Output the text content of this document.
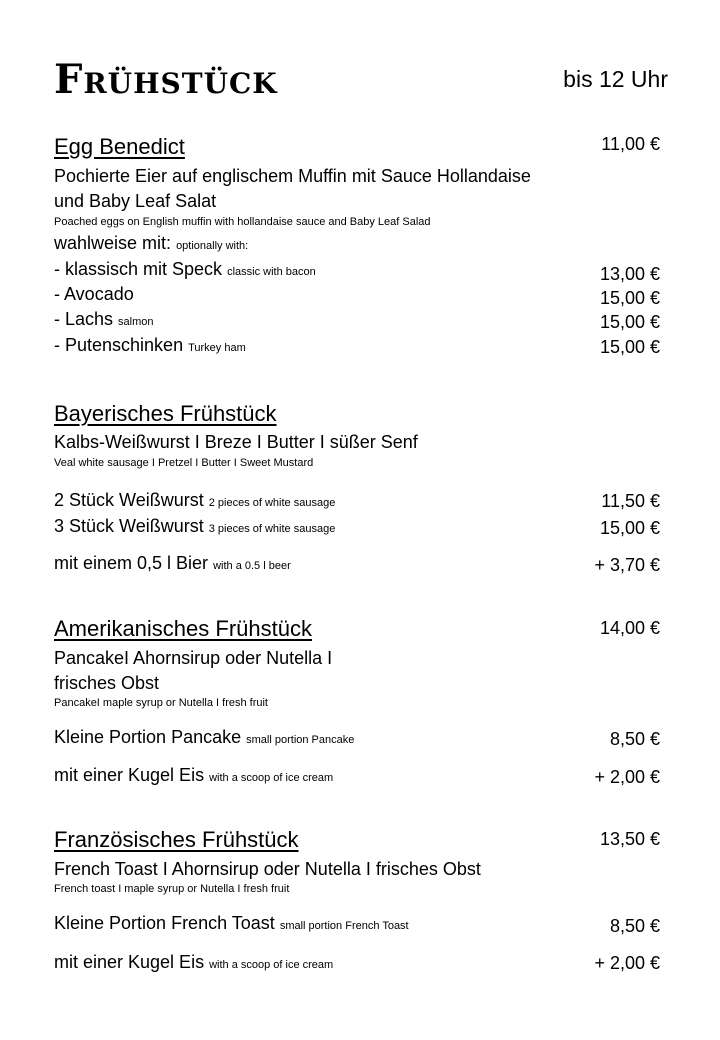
Frühstück	bis 12 Uhr
Egg Benedict	11,00 €
Pochierte Eier auf englischem Muffin mit Sauce Hollandaise
und Baby Leaf Salat
Poached eggs on English muffin with hollandaise sauce and Baby Leaf Salad
wahlweise mit: optionally with:
- klassisch mit Speck classic with bacon	13,00 €
- Avocado	15,00 €
- Lachs salmon	15,00 €
- Putenschinken Turkey ham	15,00 €
Bayerisches Frühstück
Kalbs-Weißwurst I Breze I Butter I süßer Senf
Veal white sausage I Pretzel I Butter I Sweet Mustard
2 Stück Weißwurst 2 pieces of white sausage	11,50 €
3 Stück Weißwurst 3 pieces of white sausage	15,00 €
mit einem 0,5 l Bier with a 0.5 l beer	+ 3,70 €
Amerikanisches Frühstück	14,00 €
PancakeI Ahornsirup oder Nutella I
frisches Obst
PancakeI maple syrup or Nutella I fresh fruit
Kleine Portion Pancake small portion Pancake	8,50 €
mit einer Kugel Eis with a scoop of ice cream	+ 2,00 €
Französisches Frühstück	13,50 €
French Toast I Ahornsirup oder Nutella I frisches Obst
French toast I maple syrup or Nutella I fresh fruit
Kleine Portion French Toast small portion French Toast	8,50 €
mit einer Kugel Eis with a scoop of ice cream	+ 2,00 €
